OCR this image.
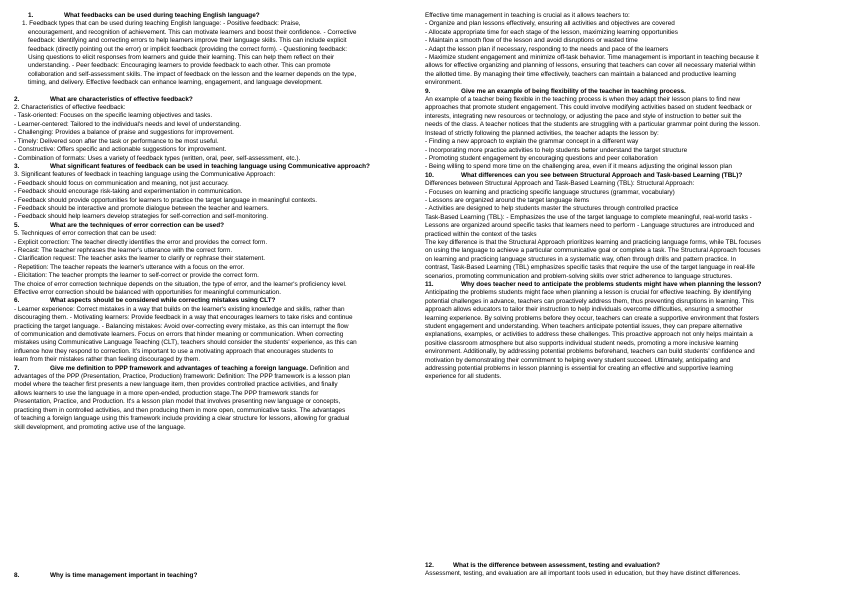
1.	What feedbacks can be used during teaching English language?
1. Feedback types that can be used during teaching English language: - Positive feedback: Praise,
encouragement, and recognition of achievement. This can motivate learners and boost their confidence. - Corrective
feedback: Identifying and correcting errors to help learners improve their language skills. This can include explicit
feedback (directly pointing out the error) or implicit feedback (providing the correct form). - Questioning feedback:
Using questions to elicit responses from learners and guide their learning. This can help them reflect on their
understanding. - Peer feedback: Encouraging learners to provide feedback to each other. This can promote
collaboration and self-assessment skills. The impact of feedback on the lesson and the learner depends on the type,
timing, and delivery. Effective feedback can enhance learning, engagement, and language development.
2.	What are characteristics of effective feedback?
2. Characteristics of effective feedback:
- Task-oriented: Focuses on the specific learning objectives and tasks.
- Learner-centered: Tailored to the individual's needs and level of understanding.
- Challenging: Provides a balance of praise and suggestions for improvement.
- Timely: Delivered soon after the task or performance to be most useful.
- Constructive: Offers specific and actionable suggestions for improvement.
- Combination of formats: Uses a variety of feedback types (written, oral, peer, self-assessment, etc.).
3.	What significant features of feedback can be used in teaching language using Communicative approach?
3. Significant features of feedback in teaching language using the Communicative Approach:
- Feedback should focus on communication and meaning, not just accuracy.
- Feedback should encourage risk-taking and experimentation in communication.
- Feedback should provide opportunities for learners to practice the target language in meaningful contexts.
- Feedback should be interactive and promote dialogue between the teacher and learners.
- Feedback should help learners develop strategies for self-correction and self-monitoring.
5.	What are the techniques of error correction can be used?
5. Techniques of error correction that can be used:
- Explicit correction: The teacher directly identifies the error and provides the correct form.
- Recast: The teacher rephrases the learner's utterance with the correct form.
- Clarification request: The teacher asks the learner to clarify or rephrase their statement.
- Repetition: The teacher repeats the learner's utterance with a focus on the error.
- Elicitation: The teacher prompts the learner to self-correct or provide the correct form.
The choice of error correction technique depends on the situation, the type of error, and the learner's proficiency level.
Effective error correction should be balanced with opportunities for meaningful communication.
6.	What aspects should be considered while correcting mistakes using CLT?
- Learner experience: Correct mistakes in a way that builds on the learner's existing knowledge and skills, rather than
discouraging them. - Motivating learners: Provide feedback in a way that encourages learners to take risks and continue
practicing the target language. - Balancing mistakes: Avoid over-correcting every mistake, as this can interrupt the flow
of communication and demotivate learners. Focus on errors that hinder meaning or communication. When correcting
mistakes using Communicative Language Teaching (CLT), teachers should consider the students' experience, as this can
influence how they respond to correction. It's important to use a motivating approach that encourages students to
learn from their mistakes rather than feeling discouraged by them.
7.	Give me definition to PPP framework and advantages of teaching a foreign language. Definition and
advantages of the PPP (Presentation, Practice, Production) framework: Definition: The PPP framework is a lesson plan
model where the teacher first presents a new language item, then provides controlled practice activities, and finally
allows learners to use the language in a more open-ended, production stage.The PPP framework stands for
Presentation, Practice, and Production. It's a lesson plan model that involves presenting new language or concepts,
practicing them in controlled activities, and then producing them in more open, communicative tasks. The advantages
of teaching a foreign language using this framework include providing a clear structure for lessons, allowing for gradual
skill development, and promoting active use of the language.
8.	Why is time management important in teaching?
Effective time management in teaching is crucial as it allows teachers to:
- Organize and plan lessons effectively, ensuring all activities and objectives are covered
- Allocate appropriate time for each stage of the lesson, maximizing learning opportunities
- Maintain a smooth flow of the lesson and avoid disruptions or wasted time
- Adapt the lesson plan if necessary, responding to the needs and pace of the learners
- Maximize student engagement and minimize off-task behavior. Time management is important in teaching because it
allows for effective organizing and planning of lessons, ensuring that teachers can cover all necessary material within
the allotted time. By managing their time effectively, teachers can maintain a balanced and productive learning
environment.
9.	Give me an example of being flexibility of the teacher in teaching process.
An example of a teacher being flexible in the teaching process is when they adapt their lesson plans to find new
approaches that promote student engagement. This could involve modifying activities based on student feedback or
interests, integrating new resources or technology, or adjusting the pace and style of instruction to better suit the
needs of the class. A teacher notices that the students are struggling with a particular grammar point during the lesson.
Instead of strictly following the planned activities, the teacher adapts the lesson by:
- Finding a new approach to explain the grammar concept in a different way
- Incorporating more practice activities to help students better understand the target structure
- Promoting student engagement by encouraging questions and peer collaboration
- Being willing to spend more time on the challenging area, even if it means adjusting the original lesson plan
10.	What differences can you see between Structural Approach and Task-based Learning (TBL)?
Differences between Structural Approach and Task-Based Learning (TBL): Structural Approach:
- Focuses on learning and practicing specific language structures (grammar, vocabulary)
- Lessons are organized around the target language items
- Activities are designed to help students master the structures through controlled practice
Task-Based Learning (TBL): - Emphasizes the use of the target language to complete meaningful, real-world tasks -
Lessons are organized around specific tasks that learners need to perform - Language structures are introduced and
practiced within the context of the tasks
The key difference is that the Structural Approach prioritizes learning and practicing language forms, while TBL focuses
on using the language to achieve a particular communicative goal or complete a task. The Structural Approach focuses
on learning and practicing language structures in a systematic way, often through drills and pattern practice. In
contrast, Task-Based Learning (TBL) emphasizes specific tasks that require the use of the target language in real-life
scenarios, promoting communication and problem-solving skills over strict adherence to language structures.
11.	Why does teacher need to anticipate the problems students might have when planning the lesson?
Anticipating the problems students might face when planning a lesson is crucial for effective teaching. By identifying
potential challenges in advance, teachers can proactively address them, thus preventing disruptions in learning. This
approach allows educators to tailor their instruction to help individuals overcome difficulties, ensuring a smoother
learning experience. By solving problems before they occur, teachers can create a supportive environment that fosters
student engagement and understanding. When teachers anticipate potential issues, they can prepare alternative
explanations, examples, or activities to address these challenges. This proactive approach not only helps maintain a
positive classroom atmosphere but also supports individual student needs, promoting a more inclusive learning
environment. Additionally, by addressing potential problems beforehand, teachers can build students' confidence and
motivation by demonstrating their commitment to helping every student succeed. Ultimately, anticipating and
addressing potential problems in lesson planning is essential for creating an effective and supportive learning
experience for all students.
12.	What is the difference between assessment, testing and evaluation?
Assessment, testing, and evaluation are all important tools used in education, but they have distinct differences.
